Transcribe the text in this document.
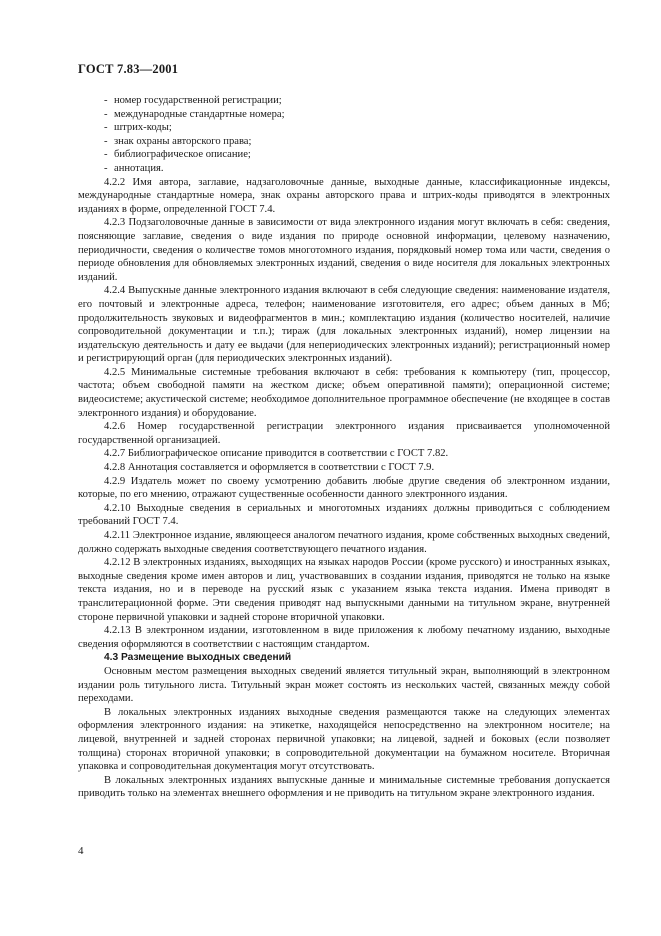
ГОСТ 7.83—2001
- номер государственной регистрации;
- международные стандартные номера;
- штрих-коды;
- знак охраны авторского права;
- библиографическое описание;
- аннотация.

4.2.2 Имя автора, заглавие, надзаголовочные данные, выходные данные, классификационные индексы, международные стандартные номера, знак охраны авторского права и штрих-коды приводятся в электронных изданиях в форме, определенной ГОСТ 7.4.

4.2.3 Подзаголовочные данные в зависимости от вида электронного издания могут включать в себя: сведения, поясняющие заглавие, сведения о виде издания по природе основной информации, целевому назначению, периодичности, сведения о количестве томов многотомного издания, порядковый номер тома или части, сведения о периоде обновления для обновляемых электронных изданий, сведения о виде носителя для локальных электронных изданий.

4.2.4 Выпускные данные электронного издания включают в себя следующие сведения: наименование издателя, его почтовый и электронные адреса, телефон; наименование изготовителя, его адрес; объем данных в Мб; продолжительность звуковых и видеофрагментов в мин.; комплектацию издания (количество носителей, наличие сопроводительной документации и т.п.); тираж (для локальных электронных изданий), номер лицензии на издательскую деятельность и дату ее выдачи (для непериодических электронных изданий); регистрационный номер и регистрирующий орган (для периодических электронных изданий).

4.2.5 Минимальные системные требования включают в себя: требования к компьютеру (тип, процессор, частота; объем свободной памяти на жестком диске; объем оперативной памяти); операционной системе; видеосистеме; акустической системе; необходимое дополнительное программное обеспечение (не входящее в состав электронного издания) и оборудование.

4.2.6 Номер государственной регистрации электронного издания присваивается уполномоченной государственной организацией.

4.2.7 Библиографическое описание приводится в соответствии с ГОСТ 7.82.

4.2.8 Аннотация составляется и оформляется в соответствии с ГОСТ 7.9.

4.2.9 Издатель может по своему усмотрению добавить любые другие сведения об электронном издании, которые, по его мнению, отражают существенные особенности данного электронного издания.

4.2.10 Выходные сведения в сериальных и многотомных изданиях должны приводиться с соблюдением требований ГОСТ 7.4.

4.2.11 Электронное издание, являющееся аналогом печатного издания, кроме собственных выходных сведений, должно содержать выходные сведения соответствующего печатного издания.

4.2.12 В электронных изданиях, выходящих на языках народов России (кроме русского) и иностранных языках, выходные сведения кроме имен авторов и лиц, участвовавших в создании издания, приводятся не только на языке текста издания, но и в переводе на русский язык с указанием языка текста издания. Имена приводят в транслитерационной форме. Эти сведения приводят над выпускными данными на титульном экране, внутренней стороне первичной упаковки и задней стороне вторичной упаковки.

4.2.13 В электронном издании, изготовленном в виде приложения к любому печатному изданию, выходные сведения оформляются в соответствии с настоящим стандартом.

4.3 Размещение выходных сведений

Основным местом размещения выходных сведений является титульный экран, выполняющий в электронном издании роль титульного листа. Титульный экран может состоять из нескольких частей, связанных между собой переходами.

В локальных электронных изданиях выходные сведения размещаются также на следующих элементах оформления электронного издания: на этикетке, находящейся непосредственно на электронном носителе; на лицевой, внутренней и задней сторонах первичной упаковки; на лицевой, задней и боковых (если позволяет толщина) сторонах вторичной упаковки; в сопроводительной документации на бумажном носителе. Вторичная упаковка и сопроводительная документация могут отсутствовать.

В локальных электронных изданиях выпускные данные и минимальные системные требования допускается приводить только на элементах внешнего оформления и не приводить на титульном экране электронного издания.

4
